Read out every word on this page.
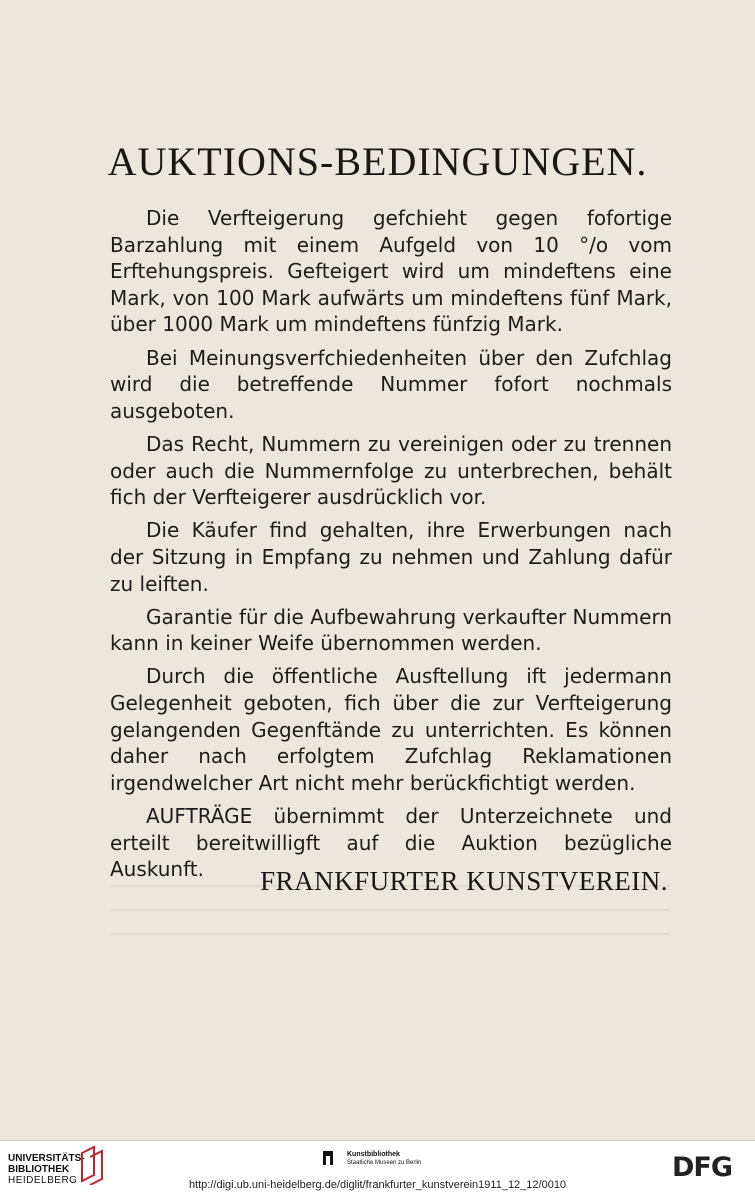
AUKTIONS-BEDINGUNGEN.

Die Verfteigerung gefchieht gegen fofortige Barzahlung mit einem Aufgeld von 10 °/o vom Erftehungspreis. Gefteigert wird um mindeftens eine Mark, von 100 Mark aufwärts um mindeftens fünf Mark, über 1000 Mark um mindeftens fünfzig Mark.

Bei Meinungsverfchiedenheiten über den Zufchlag wird die betreffende Nummer fofort nochmals ausgeboten.

Das Recht, Nummern zu vereinigen oder zu trennen oder auch die Nummernfolge zu unterbrechen, behält fich der Verfteigerer ausdrücklich vor.

Die Käufer find gehalten, ihre Erwerbungen nach der Sitzung in Empfang zu nehmen und Zahlung dafür zu leiften.

Garantie für die Aufbewahrung verkaufter Nummern kann in keiner Weife übernommen werden.

Durch die öffentliche Ausftellung ift jedermann Gelegenheit geboten, fich über die zur Verfteigerung gelangenden Gegenftände zu unterrichten. Es können daher nach erfolgtem Zufchlag Reklamationen irgendwelcher Art nicht mehr berückfichtigt werden.

AUFTRÄGE übernimmt der Unterzeichnete und erteilt bereitwilligft auf die Auktion bezügliche Auskunft.	FRANKFURTER KUNSTVEREIN.
UNIVERSITÄTS-
BIBLIOTHEK
HEIDELBERG
Kunstbibliothek
Staatliche Museen zu Berlin	DFG
http://digi.ub.uni-heidelberg.de/diglit/frankfurter_kunstverein1911_12_12/0010
